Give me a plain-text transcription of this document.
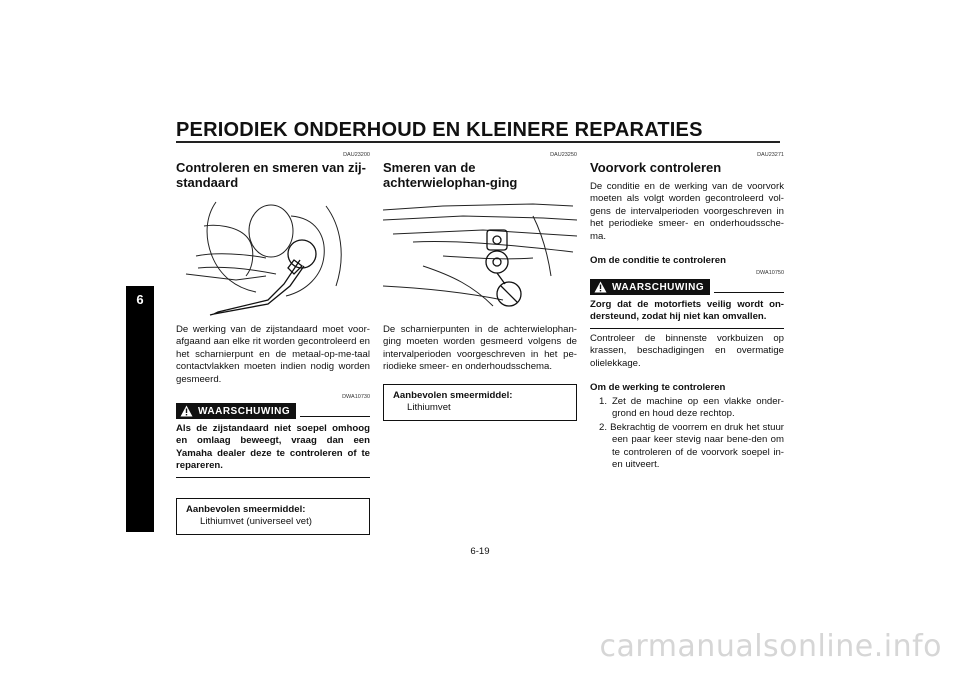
PERIODIEK ONDERHOUD EN KLEINERE REPARATIES
6
DAU23200
Controleren en smeren van zij-standaard

De werking van de zijstandaard moet voor-afgaand aan elke rit worden gecontroleerd en het scharnierpunt en de metaal-op-me-taal contactvlakken moeten indien nodig worden gesmeerd.

DWA10730
WAARSCHUWING
Als de zijstandaard niet soepel omhoog en omlaag beweegt, vraag dan een Yamaha dealer deze te controleren of te repareren.
Aanbevolen smeermiddel:
Lithiumvet (universeel vet)
DAU23250
Smeren van de achterwielophan-ging

De scharnierpunten in de achterwielophan-ging moeten worden gesmeerd volgens de intervalperioden voorgeschreven in het pe-riodieke smeer- en onderhoudsschema.

Aanbevolen smeermiddel:
Lithiumvet
DAU23271
Voorvork controleren

De conditie en de werking van de voorvork moeten als volgt worden gecontroleerd vol-gens de intervalperioden voorgeschreven in het periodieke smeer- en onderhoudssche-ma.

Om de conditie te controleren
DWA10750
WAARSCHUWING
Zorg dat de motorfiets veilig wordt on-dersteund, zodat hij niet kan omvallen.

Controleer de binnenste vorkbuizen op krassen, beschadigingen en overmatige olielekkage.

Om de werking te controleren
1. Zet de machine op een vlakke onder-grond en houd deze rechtop.
2. Bekrachtig de voorrem en druk het stuur een paar keer stevig naar bene-den om te controleren of de voorvork soepel in- en uitveert.
6-19
carmanualsonline.info
